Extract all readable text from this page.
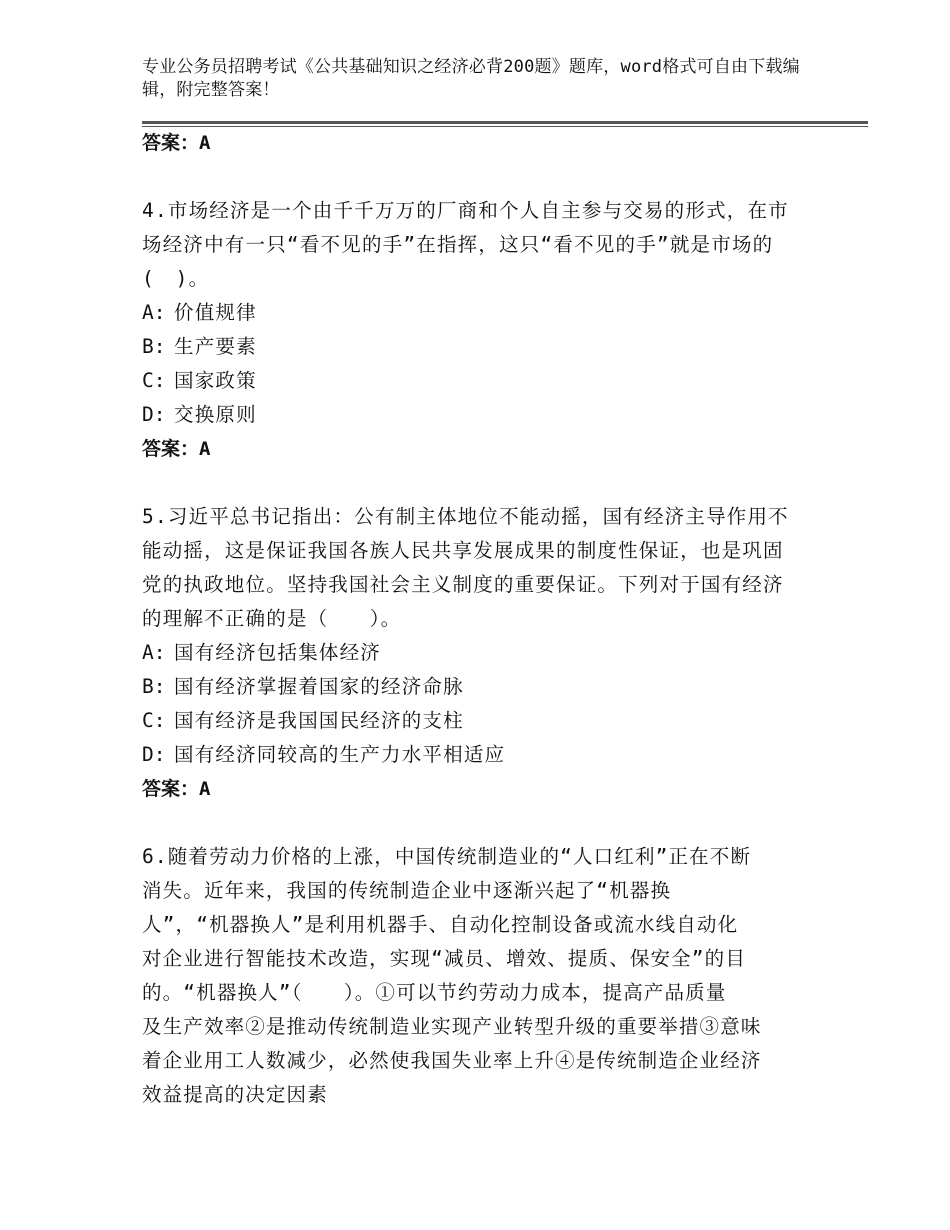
专业公务员招聘考试《公共基础知识之经济必背200题》题库，word格式可自由下载编辑，附完整答案！

答案：A

4.市场经济是一个由千千万万的厂商和个人自主参与交易的形式，在市场经济中有一只“看不见的手”在指挥，这只“看不见的手”就是市场的(　)。

A: 价值规律

B: 生产要素

C: 国家政策

D: 交换原则

答案：A

5.习近平总书记指出：公有制主体地位不能动摇，国有经济主导作用不能动摇，这是保证我国各族人民共享发展成果的制度性保证，也是巩固党的执政地位。坚持我国社会主义制度的重要保证。下列对于国有经济的理解不正确的是（　　）。

A: 国有经济包括集体经济

B: 国有经济掌握着国家的经济命脉

C: 国有经济是我国国民经济的支柱

D: 国有经济同较高的生产力水平相适应

答案：A

6.随着劳动力价格的上涨，中国传统制造业的“人口红利”正在不断

消失。近年来，我国的传统制造企业中逐渐兴起了“机器换

人”，“机器换人”是利用机器手、自动化控制设备或流水线自动化

对企业进行智能技术改造，实现“减员、增效、提质、保安全”的目

的。“机器换人”（　　）。①可以节约劳动力成本，提高产品质量

及生产效率②是推动传统制造业实现产业转型升级的重要举措③意味

着企业用工人数减少，必然使我国失业率上升④是传统制造企业经济

效益提高的决定因素
